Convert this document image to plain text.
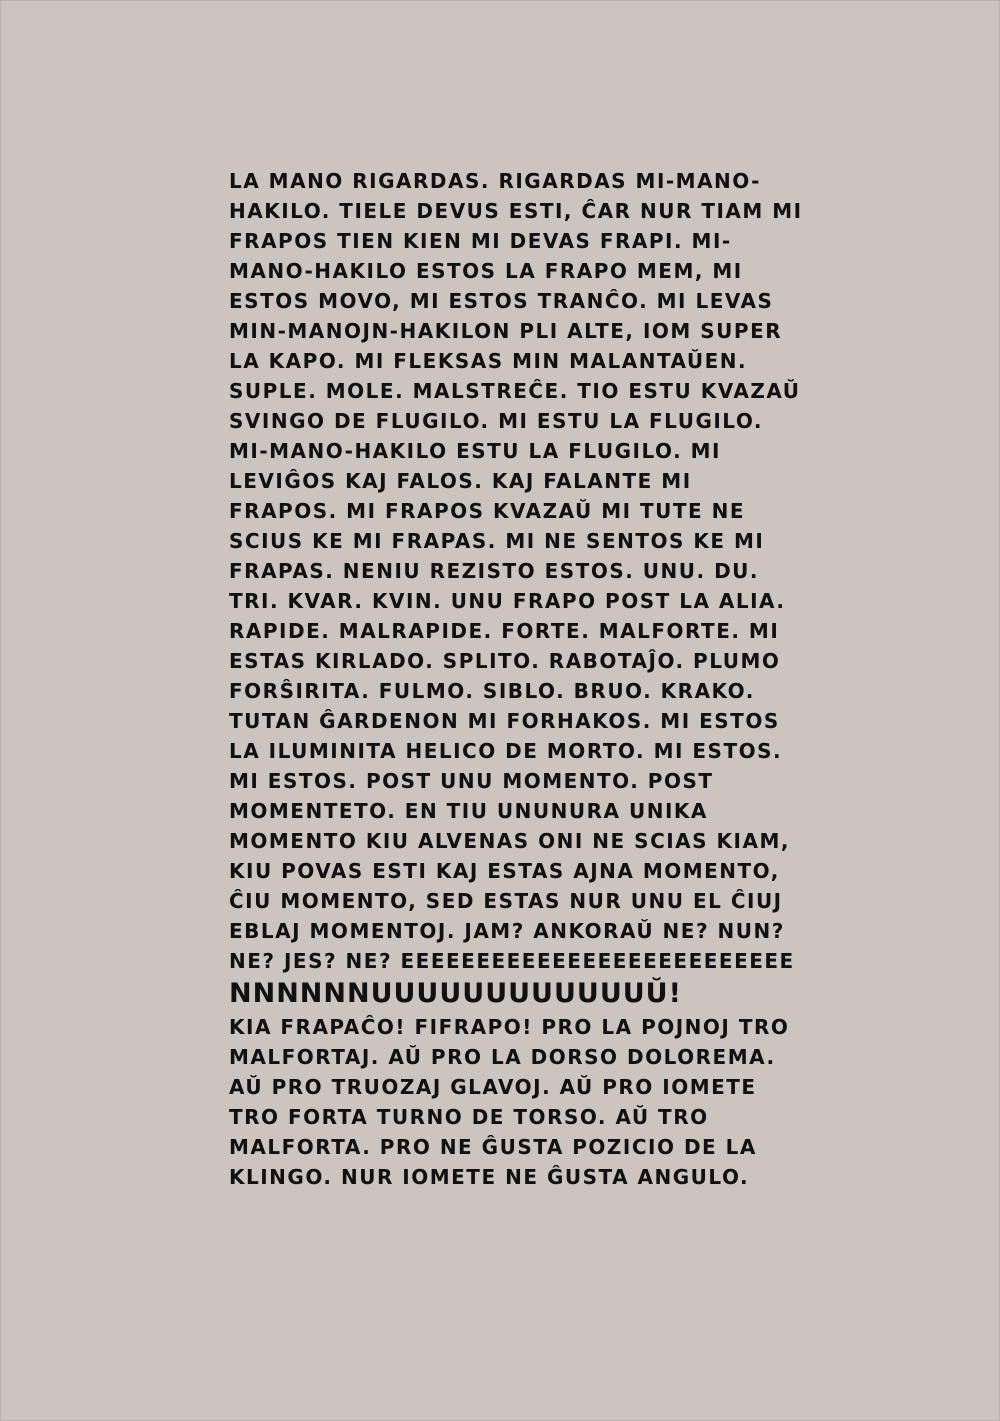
LA MANO RIGARDAS. RIGARDAS MI-MANO-
HAKILO. TIELE DEVUS ESTI, ĈAR NUR TIAM MI
FRAPOS TIEN KIEN MI DEVAS FRAPI. MI-
MANO-HAKILO ESTOS LA FRAPO MEM, MI
ESTOS MOVO, MI ESTOS TRANĈO. MI LEVAS
MIN-MANOJN-HAKILON PLI ALTE, IOM SUPER
LA KAPO. MI FLEKSAS MIN MALANTAŬEN.
SUPLE. MOLE. MALSTREĈE. TIO ESTU KVAZAŬ
SVINGO DE FLUGILO. MI ESTU LA FLUGILO.
MI-MANO-HAKILO ESTU LA FLUGILO. MI
LEVIĜOS KAJ FALOS. KAJ FALANTE MI
FRAPOS. MI FRAPOS KVAZAŬ MI TUTE NE
SCIUS KE MI FRAPAS. MI NE SENTOS KE MI
FRAPAS. NENIU REZISTO ESTOS. UNU. DU.
TRI. KVAR. KVIN. UNU FRAPO POST LA ALIA.
RAPIDE. MALRAPIDE. FORTE. MALFORTE. MI
ESTAS KIRLADO. SPLITO. RABOTAĴO. PLUMO
FORŜIRITA. FULMO. SIBLO. BRUO. KRAKO.
TUTAN ĜARDENON MI FORHAKOS. MI ESTOS
LA ILUMINITA HELICO DE MORTO. MI ESTOS.
MI ESTOS. POST UNU MOMENTO. POST
MOMENTETO. EN TIU UNUNURA UNIKA
MOMENTO KIU ALVENAS ONI NE SCIAS KIAM,
KIU POVAS ESTI KAJ ESTAS AJNA MOMENTO,
ĈIU MOMENTO, SED ESTAS NUR UNU EL ĈIUJ
EBLAJ MOMENTOJ. JAM? ANKORAŬ NE? NUN?
NE? JES? NE? EEEEEEEEEEEEEEEEEEEEEEEEEE
NNNNNNUUUUUUUUUUUUŬ!
KIA FRAPAĈO! FIFRAPO! PRO LA POJNOJ TRO
MALFORTAJ. AŬ PRO LA DORSO DOLOREMA.
AŬ PRO TRUOZAJ GLAVOJ. AŬ PRO IOMETE
TRO FORTA TURNO DE TORSO. AŬ TRO
MALFORTA. PRO NE ĜUSTA POZICIO DE LA
KLINGO. NUR IOMETE NE ĜUSTA ANGULO.
